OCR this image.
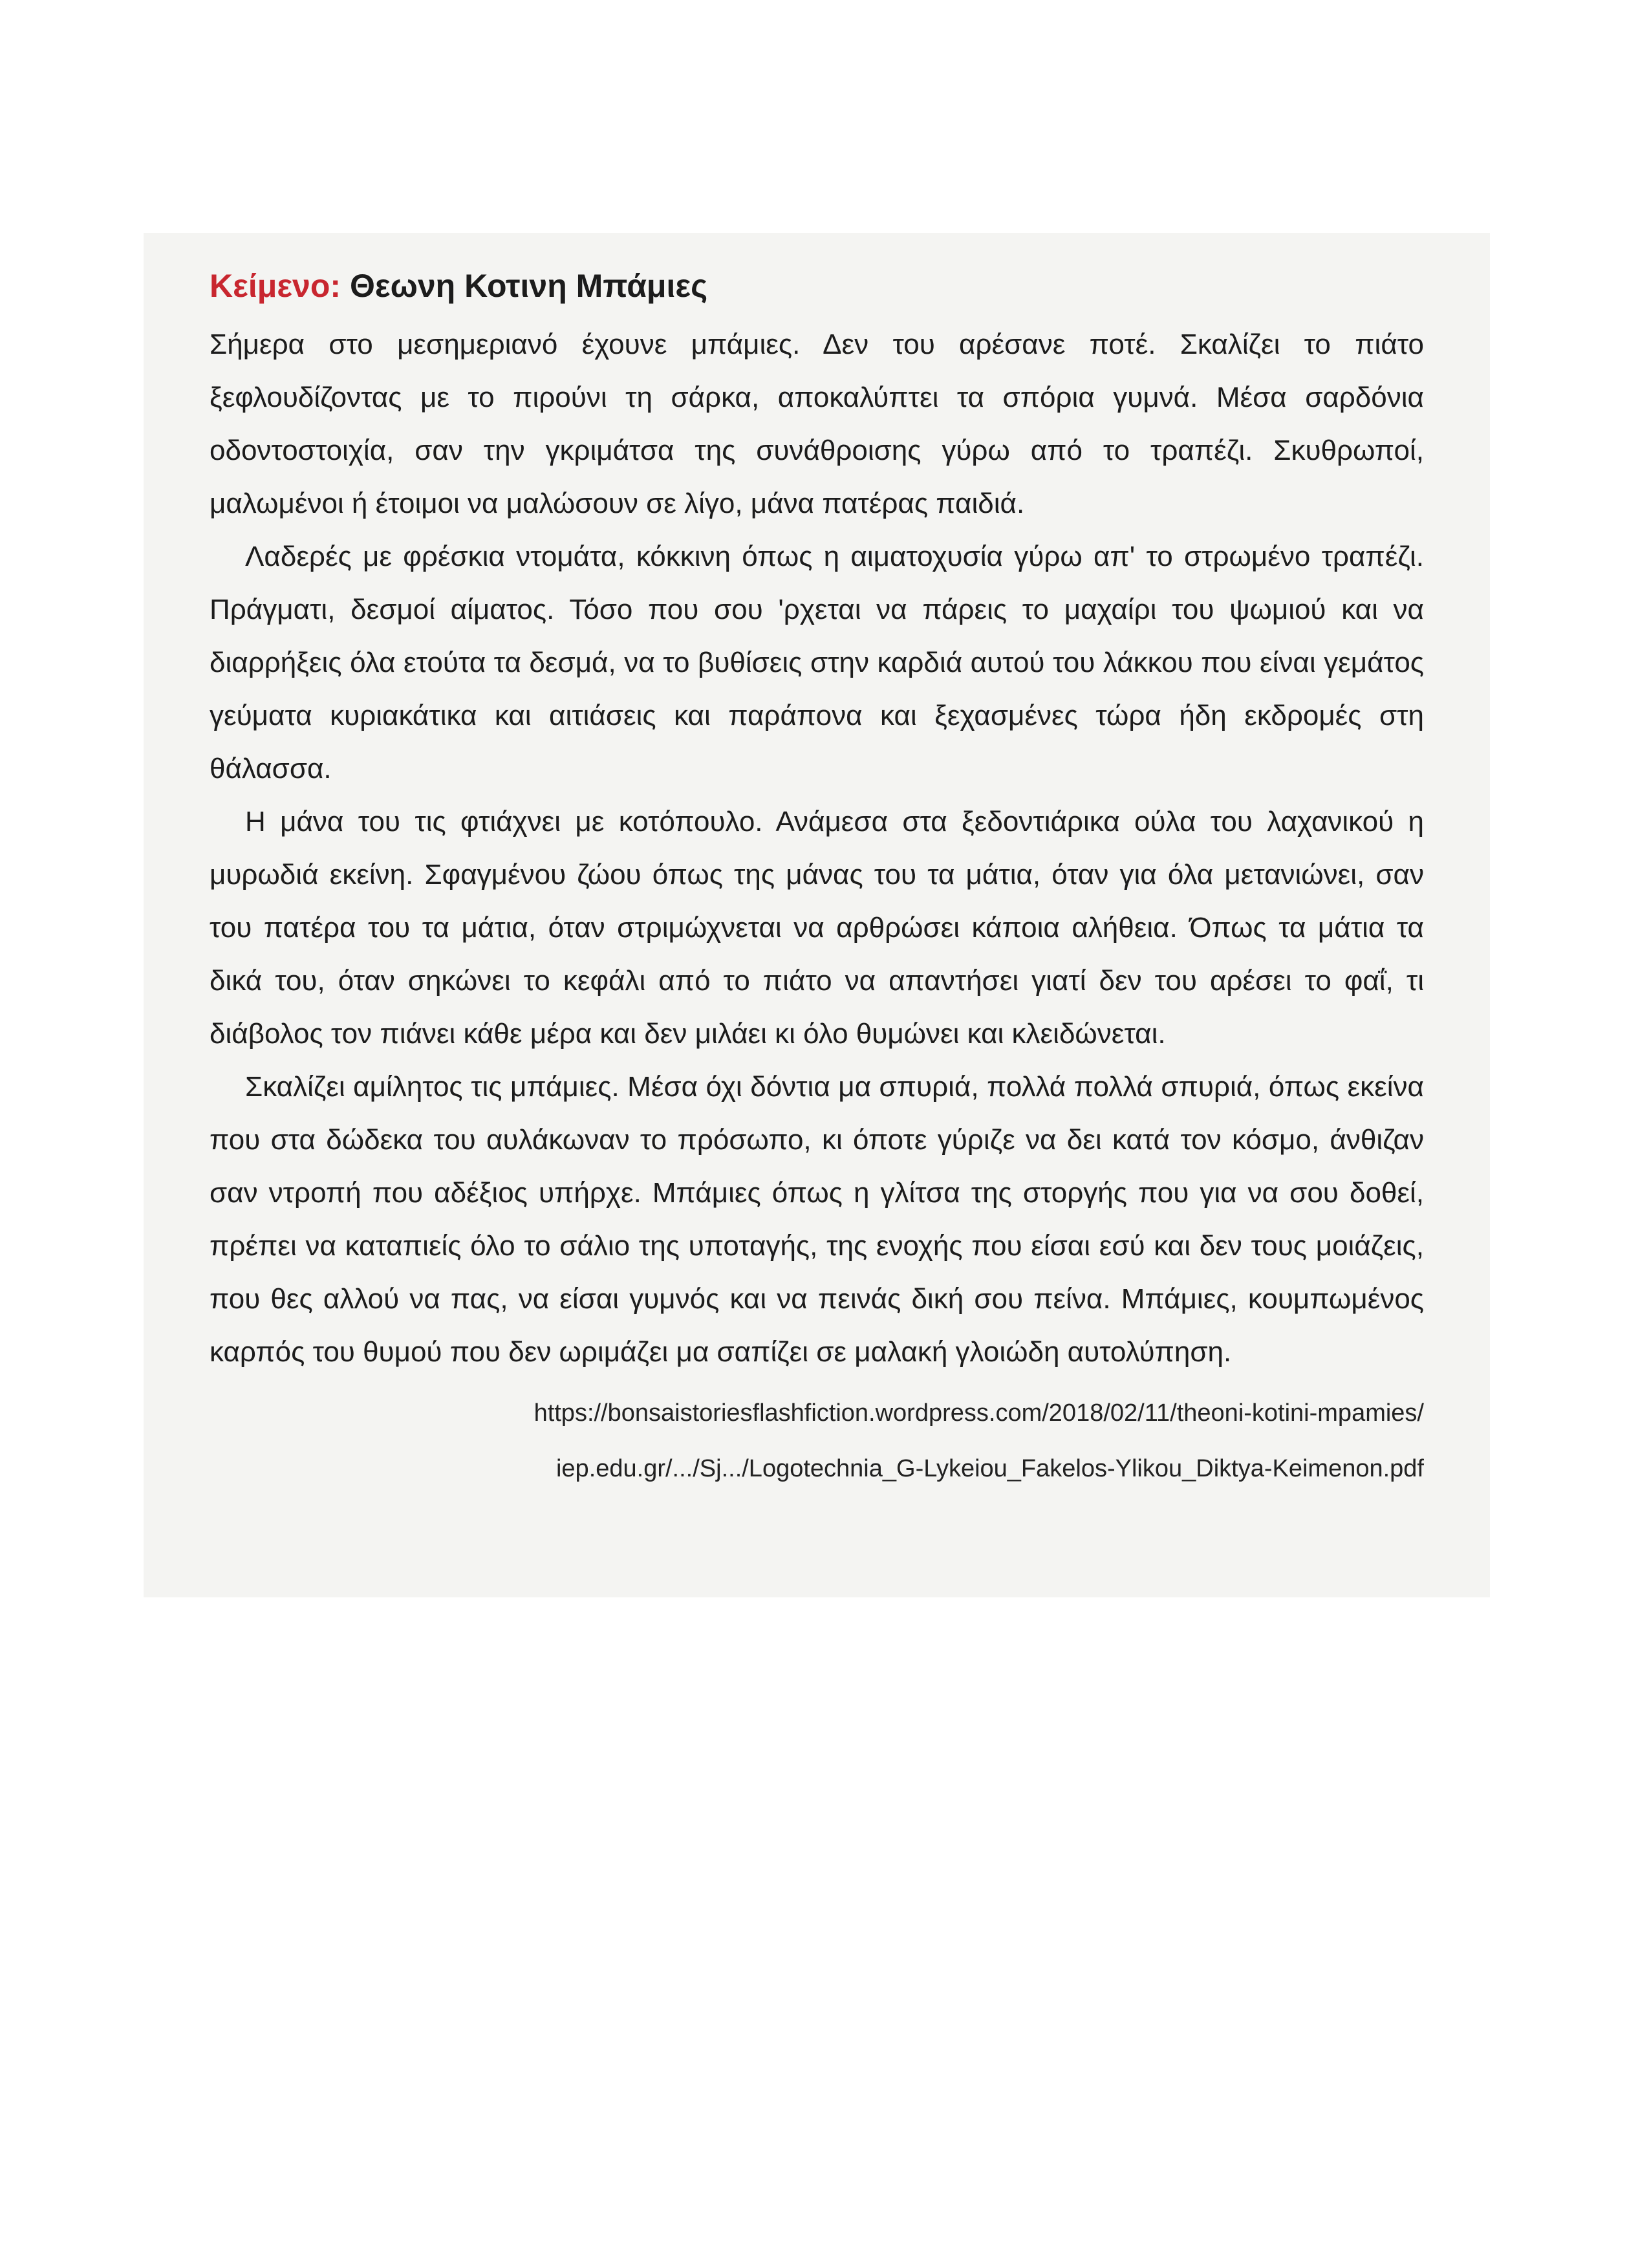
Κείμενο: Θεωνη Κοτινη Μπάμιες

Σήμερα στο μεσημεριανό έχουνε μπάμιες. Δεν του αρέσανε ποτέ. Σκαλίζει το πιάτο ξεφλουδίζοντας με το πιρούνι τη σάρκα, αποκαλύπτει τα σπόρια γυμνά. Μέσα σαρδόνια οδοντοστοιχία, σαν την γκριμάτσα της συνάθροισης γύρω από το τραπέζι. Σκυθρωποί, μαλωμένοι ή έτοιμοι να μαλώσουν σε λίγο, μάνα πατέρας παιδιά.

Λαδερές με φρέσκια ντομάτα, κόκκινη όπως η αιματοχυσία γύρω απ' το στρωμένο τραπέζι. Πράγματι, δεσμοί αίματος. Τόσο που σου 'ρχεται να πάρεις το μαχαίρι του ψωμιού και να διαρρήξεις όλα ετούτα τα δεσμά, να το βυθίσεις στην καρδιά αυτού του λάκκου που είναι γεμάτος γεύματα κυριακάτικα και αιτιάσεις και παράπονα και ξεχασμένες τώρα ήδη εκδρομές στη θάλασσα.

Η μάνα του τις φτιάχνει με κοτόπουλο. Ανάμεσα στα ξεδοντιάρικα ούλα του λαχανικού η μυρωδιά εκείνη. Σφαγμένου ζώου όπως της μάνας του τα μάτια, όταν για όλα μετανιώνει, σαν του πατέρα του τα μάτια, όταν στριμώχνεται να αρθρώσει κάποια αλήθεια. Όπως τα μάτια τα δικά του, όταν σηκώνει το κεφάλι από το πιάτο να απαντήσει γιατί δεν του αρέσει το φαΐ, τι διάβολος τον πιάνει κάθε μέρα και δεν μιλάει κι όλο θυμώνει και κλειδώνεται.

Σκαλίζει αμίλητος τις μπάμιες. Μέσα όχι δόντια μα σπυριά, πολλά πολλά σπυριά, όπως εκείνα που στα δώδεκα του αυλάκωναν το πρόσωπο, κι όποτε γύριζε να δει κατά τον κόσμο, άνθιζαν σαν ντροπή που αδέξιος υπήρχε. Μπάμιες όπως η γλίτσα της στοργής που για να σου δοθεί, πρέπει να καταπιείς όλο το σάλιο της υποταγής, της ενοχής που είσαι εσύ και δεν τους μοιάζεις, που θες αλλού να πας, να είσαι γυμνός και να πεινάς δική σου πείνα. Μπάμιες, κουμπωμένος καρπός του θυμού που δεν ωριμάζει μα σαπίζει σε μαλακή γλοιώδη αυτολύπηση.

https://bonsaistoriesflashfiction.wordpress.com/2018/02/11/theoni-kotini-mpamies/
iep.edu.gr/.../Sj.../Logotechnia_G-Lykeiou_Fakelos-Ylikou_Diktya-Keimenon.pdf
